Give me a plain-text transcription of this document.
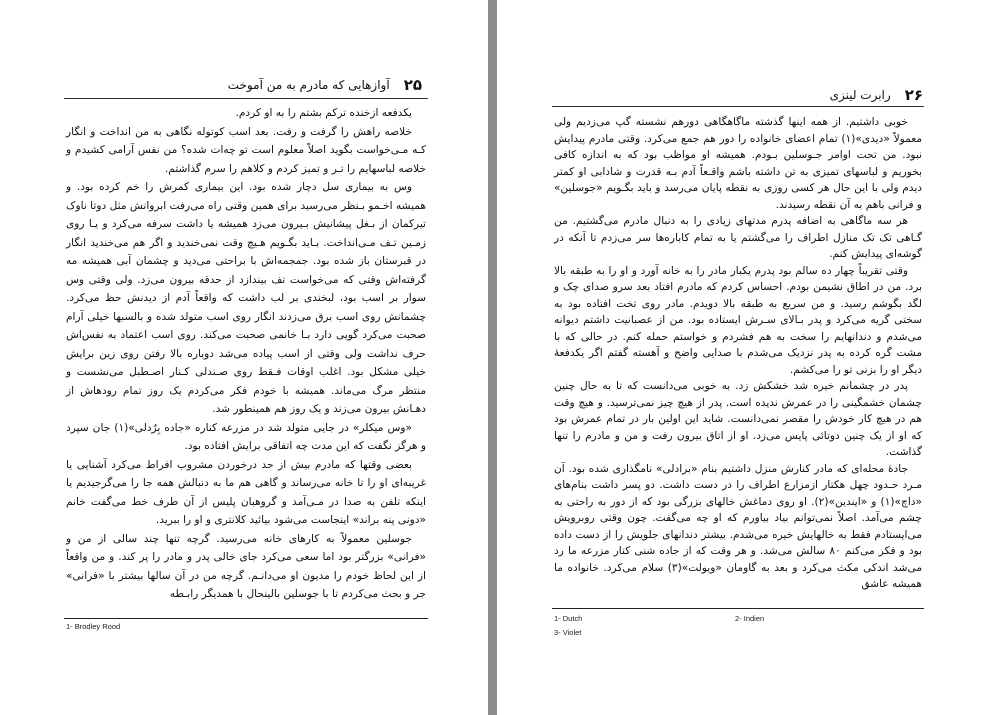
۲۵
آوازهایی که مادرم به من آموخت

یکدفعه ازخنده ترکم بشتم را به او کردم.

خلاصه راهش را گرفت و رفت. بعد اسب کوتوله نگاهی به من انداخت و انگار کـه مـی‌خواست بگوید اصلاً معلوم است تو چه‌ات شده؟ من نفس آرامی کشیدم و خلاصه لباسهایم را تـر و تمیز کردم و کلاهم را سرم گذاشتم.

وس به بیماری سل دچار شده بود. این بیماری کمرش را خم کرده بود. و همیشه اخـمو بـنظر می‌رسید برای همین وقتی راه می‌رفت ابروانش مثل دوتا ناوک تیرکمان از بـغل پیشانیش بـیرون می‌زد همیشه یا داشت سرفه می‌کرد و یـا روی زمـین تـف مـی‌انداخت. بـاید بگـویم هـیچ وقت نمی‌خندید و اگر هم می‌خندید انگار در قبرستان باز شده بود. جمجمه‌اش با براحتی می‌دید و چشمان آبی همیشه مه گرفته‌اش وقتی که می‌خواست تف بیندازد از حدقه بیرون می‌زد. ولی وقتی وس سوار بر اسب بود، لبخندی بر لب داشت که واقعاً آدم از دیدنش حظ می‌کرد. چشمانش روی اسب برق می‌زدند انگار روی اسب متولد شده و بالسبها خیلی آرام صحبت می‌کرد گویی دارد بـا خانمی صحبت می‌کند. روی اسب اعتماد به نفس‌اش حرف نداشت ولی وقتی از اسب پیاده می‌شد دوباره بالا رفتن روی زین برایش خیلی مشکل بود. اغلب اوقات فـقط روی صـندلی کـنار اصـطبل می‌نشست و منتظر مرگ می‌ماند. همیشه با خودم فکر می‌کردم یک روز تمام رودهاش از دهـانش بیرون می‌زند و یک روز هم همینطور شد.

«وس میکلر» در جایی متولد شد در مزرعه کناره «جاده بِرُدلی»(۱) جان سپرد و هرگز نگفت که این مدت چه اتفاقی برایش افتاده بود.

بعضی وقتها که مادرم بیش از حد درخوردن مشروب افراط می‌کرد آشنایی یا غریبه‌ای او را تا خانه می‌رساند و گاهی هم ما به دنبالش همه جا را می‌گرجیدیم یا اینکه تلفن به صدا در مـی‌آمد و گروهبان پلیس از آن طرف خط می‌گفت خانم «دونی پنه براند» اینجاست می‌شود بیائید کلانتری و او را ببرید.

جوسلین معمولاً به کارهای خانه می‌رسید. گرچه تنها چند سالی از من و «فرانی» بزرگتر بود اما سعی می‌کرد جای خالی پدر و مادر را پر کند. و من واقعاً از این لحاظ خودم را مدیون او می‌دانـم. گرچه من در آن سالها بیشتر با «فرانی» جر و بحث می‌کردم تا با جوسلین بالینحال با همدیگر رابـطه

1- Brodley Rood
۲۶
رابرت لینزی

خوبی داشتیم. از همه اینها گذشته ماگاهگاهی دورهم نشسته گپ می‌زدیم ولی معمولاً «دیدی»(۱) تمام اعضای خانواده را دور هم جمع می‌کرد. وقتی مادرم پیدایش نبود. من تحت اوامر جـوسلین بـودم. همیشه او مواظب بود که به اندازه کافی بخوریم و لباسهای تمیزی به تن داشته باشم واقـعاً آدم بـه قدرت و شادابی او کمتر دیدم ولی با این حال هر کسی روزی به نقطه پایان می‌رسد و باید بگـویم «جوسلین» و فرانی باهم به آن نقطه رسیدند.

هر سه ماگاهی به اضافه پدرم مدتهای زیادی را به دنبال مادرم می‌گشتیم. من گـاهی تک تک منازل اطراف را می‌گشتم یا به تمام کاباره‌ها سر می‌زدم تا آنکه در گوشه‌ای پیدایش کنم.

وقتی تقریباً چهار ده سالم بود پدرم یکبار مادر را به خانه آورد و او را به طبقه بالا برد. من در اطاق نشیمن بودم. احساس کردم که مادرم افتاد بعد سرو صدای چک و لگد بگوشم رسید. و من سریع به طبقه بالا دویدم. مادر روی تخت افتاده بود به سختی گریه می‌کرد و پدر بـالای سـرش ایستاده بود. من از عصبانیت داشتم دیوانه می‌شدم و دندانهایم را سخت به هم فشردم و خواستم حمله کنم. در حالی که با مشت گره کرده به پدر نزدیک می‌شدم با صدایی واضح و آهسته گفتم اگر یکدفعهٔ دیگر او را بزنی تو را می‌کشم.

پدر در چشمانم خیره شد خشکش زد. به خوبی می‌دانست که تا به حال چنین چشمان خشمگینی را در عمرش ندیده است. پدر از هیچ چیز نمی‌ترسید. و هیچ وقت هم در هیچ کار خودش را مقصر نمی‌دانست. شاید این اولین بار در تمام عمرش بود که او از یک چنین دوتائی پایس می‌زد. او از اتاق بیرون رفت و من و مادرم را تنها گذاشت.

جادهٔ محله‌ای که مادر کنارش منزل داشتیم بنام «برادلی» نامگذاری شده بود. آن مـرد حـدود چهل هکتار ازمزارع اطراف را در دست داشت. دو پسر داشت بنام‌های «داچ»(۱) و «ایندین»(۲). او روی دماغش خالهای بزرگی بود که از دور به راحتی به چشم می‌آمد. اصلاً نمی‌توانم بیاد بیاورم که او چه می‌گفت. چون وقتی روبرویش می‌ایستادم فقط به خالهایش خیره می‌شدم. بیشتر دندانهای جلویش را از دست داده بود و فکر می‌کنم ۸۰ سالش می‌شد. و هر وقت که از جاده شنی کنار مزرعه ما رد می‌شد اندکی مکث می‌کرد و بعد به گاومان «ویولت»(۳) سلام می‌کرد. خانواده ما همیشه عاشق

1- Dutch	2- Indien
3- Violet
